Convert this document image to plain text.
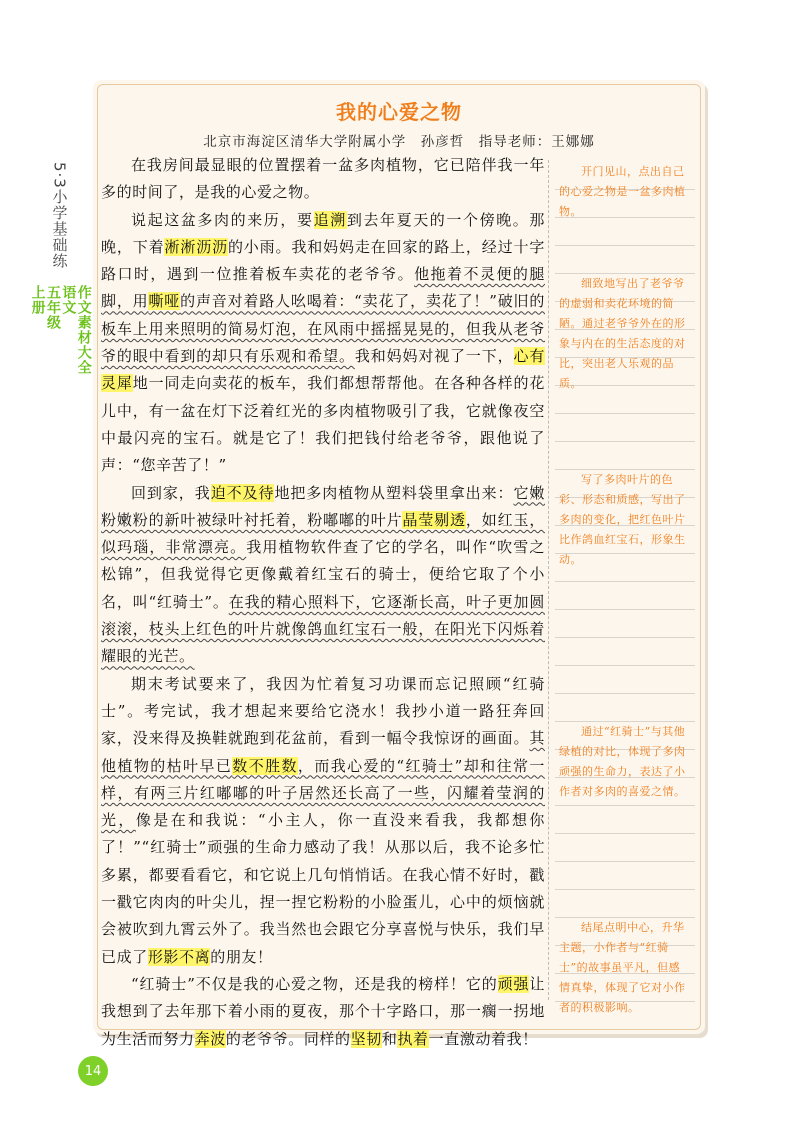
5·3小学基础练
作文素材大全
语文
五年级
上册
我的心爱之物
北京市海淀区清华大学附属小学　孙彦哲　指导老师：王娜娜

在我房间最显眼的位置摆着一盆多肉植物，它已陪伴我一年多的时间了，是我的心爱之物。

说起这盆多肉的来历，要追溯到去年夏天的一个傍晚。那晚，下着淅淅沥沥的小雨。我和妈妈走在回家的路上，经过十字路口时，遇到一位推着板车卖花的老爷爷。他拖着不灵便的腿脚，用嘶哑的声音对着路人吆喝着：“卖花了，卖花了！”破旧的板车上用来照明的简易灯泡，在风雨中摇摇晃晃的，但我从老爷爷的眼中看到的却只有乐观和希望。我和妈妈对视了一下，心有灵犀地一同走向卖花的板车，我们都想帮帮他。在各种各样的花儿中，有一盆在灯下泛着红光的多肉植物吸引了我，它就像夜空中最闪亮的宝石。就是它了！我们把钱付给老爷爷，跟他说了声：“您辛苦了！”

回到家，我迫不及待地把多肉植物从塑料袋里拿出来：它嫩粉嫩粉的新叶被绿叶衬托着，粉嘟嘟的叶片晶莹剔透，如红玉，似玛瑙，非常漂亮。我用植物软件查了它的学名，叫作“吹雪之松锦”，但我觉得它更像戴着红宝石的骑士，便给它取了个小名，叫“红骑士”。在我的精心照料下，它逐渐长高，叶子更加圆滚滚，枝头上红色的叶片就像鸽血红宝石一般，在阳光下闪烁着耀眼的光芒。

期末考试要来了，我因为忙着复习功课而忘记照顾“红骑士”。考完试，我才想起来要给它浇水！我抄小道一路狂奔回家，没来得及换鞋就跑到花盆前，看到一幅令我惊讶的画面。其他植物的枯叶早已数不胜数，而我心爱的“红骑士”却和往常一样，有两三片红嘟嘟的叶子居然还长高了一些，闪耀着莹润的光，像是在和我说：“小主人，你一直没来看我，我都想你了！”“红骑士”顽强的生命力感动了我！从那以后，我不论多忙多累，都要看看它，和它说上几句悄悄话。在我心情不好时，戳一戳它肉肉的叶尖儿，捏一捏它粉粉的小脸蛋儿，心中的烦恼就会被吹到九霄云外了。我当然也会跟它分享喜悦与快乐，我们早已成了形影不离的朋友！

“红骑士”不仅是我的心爱之物，还是我的榜样！它的顽强让我想到了去年那下着小雨的夏夜，那个十字路口，那一瘸一拐地为生活而努力奔波的老爷爷。同样的坚韧和执着一直激动着我！

开门见山，点出自己的心爱之物是一盆多肉植物。

细致地写出了老爷爷的虚弱和卖花环境的简陋。通过老爷爷外在的形象与内在的生活态度的对比，突出老人乐观的品质。

写了多肉叶片的色彩、形态和质感，写出了多肉的变化，把红色叶片比作鸽血红宝石，形象生动。

通过“红骑士”与其他绿植的对比，体现了多肉顽强的生命力，表达了小作者对多肉的喜爱之情。

结尾点明中心，升华主题，小作者与“红骑士”的故事虽平凡，但感情真挚，体现了它对小作者的积极影响。

14
